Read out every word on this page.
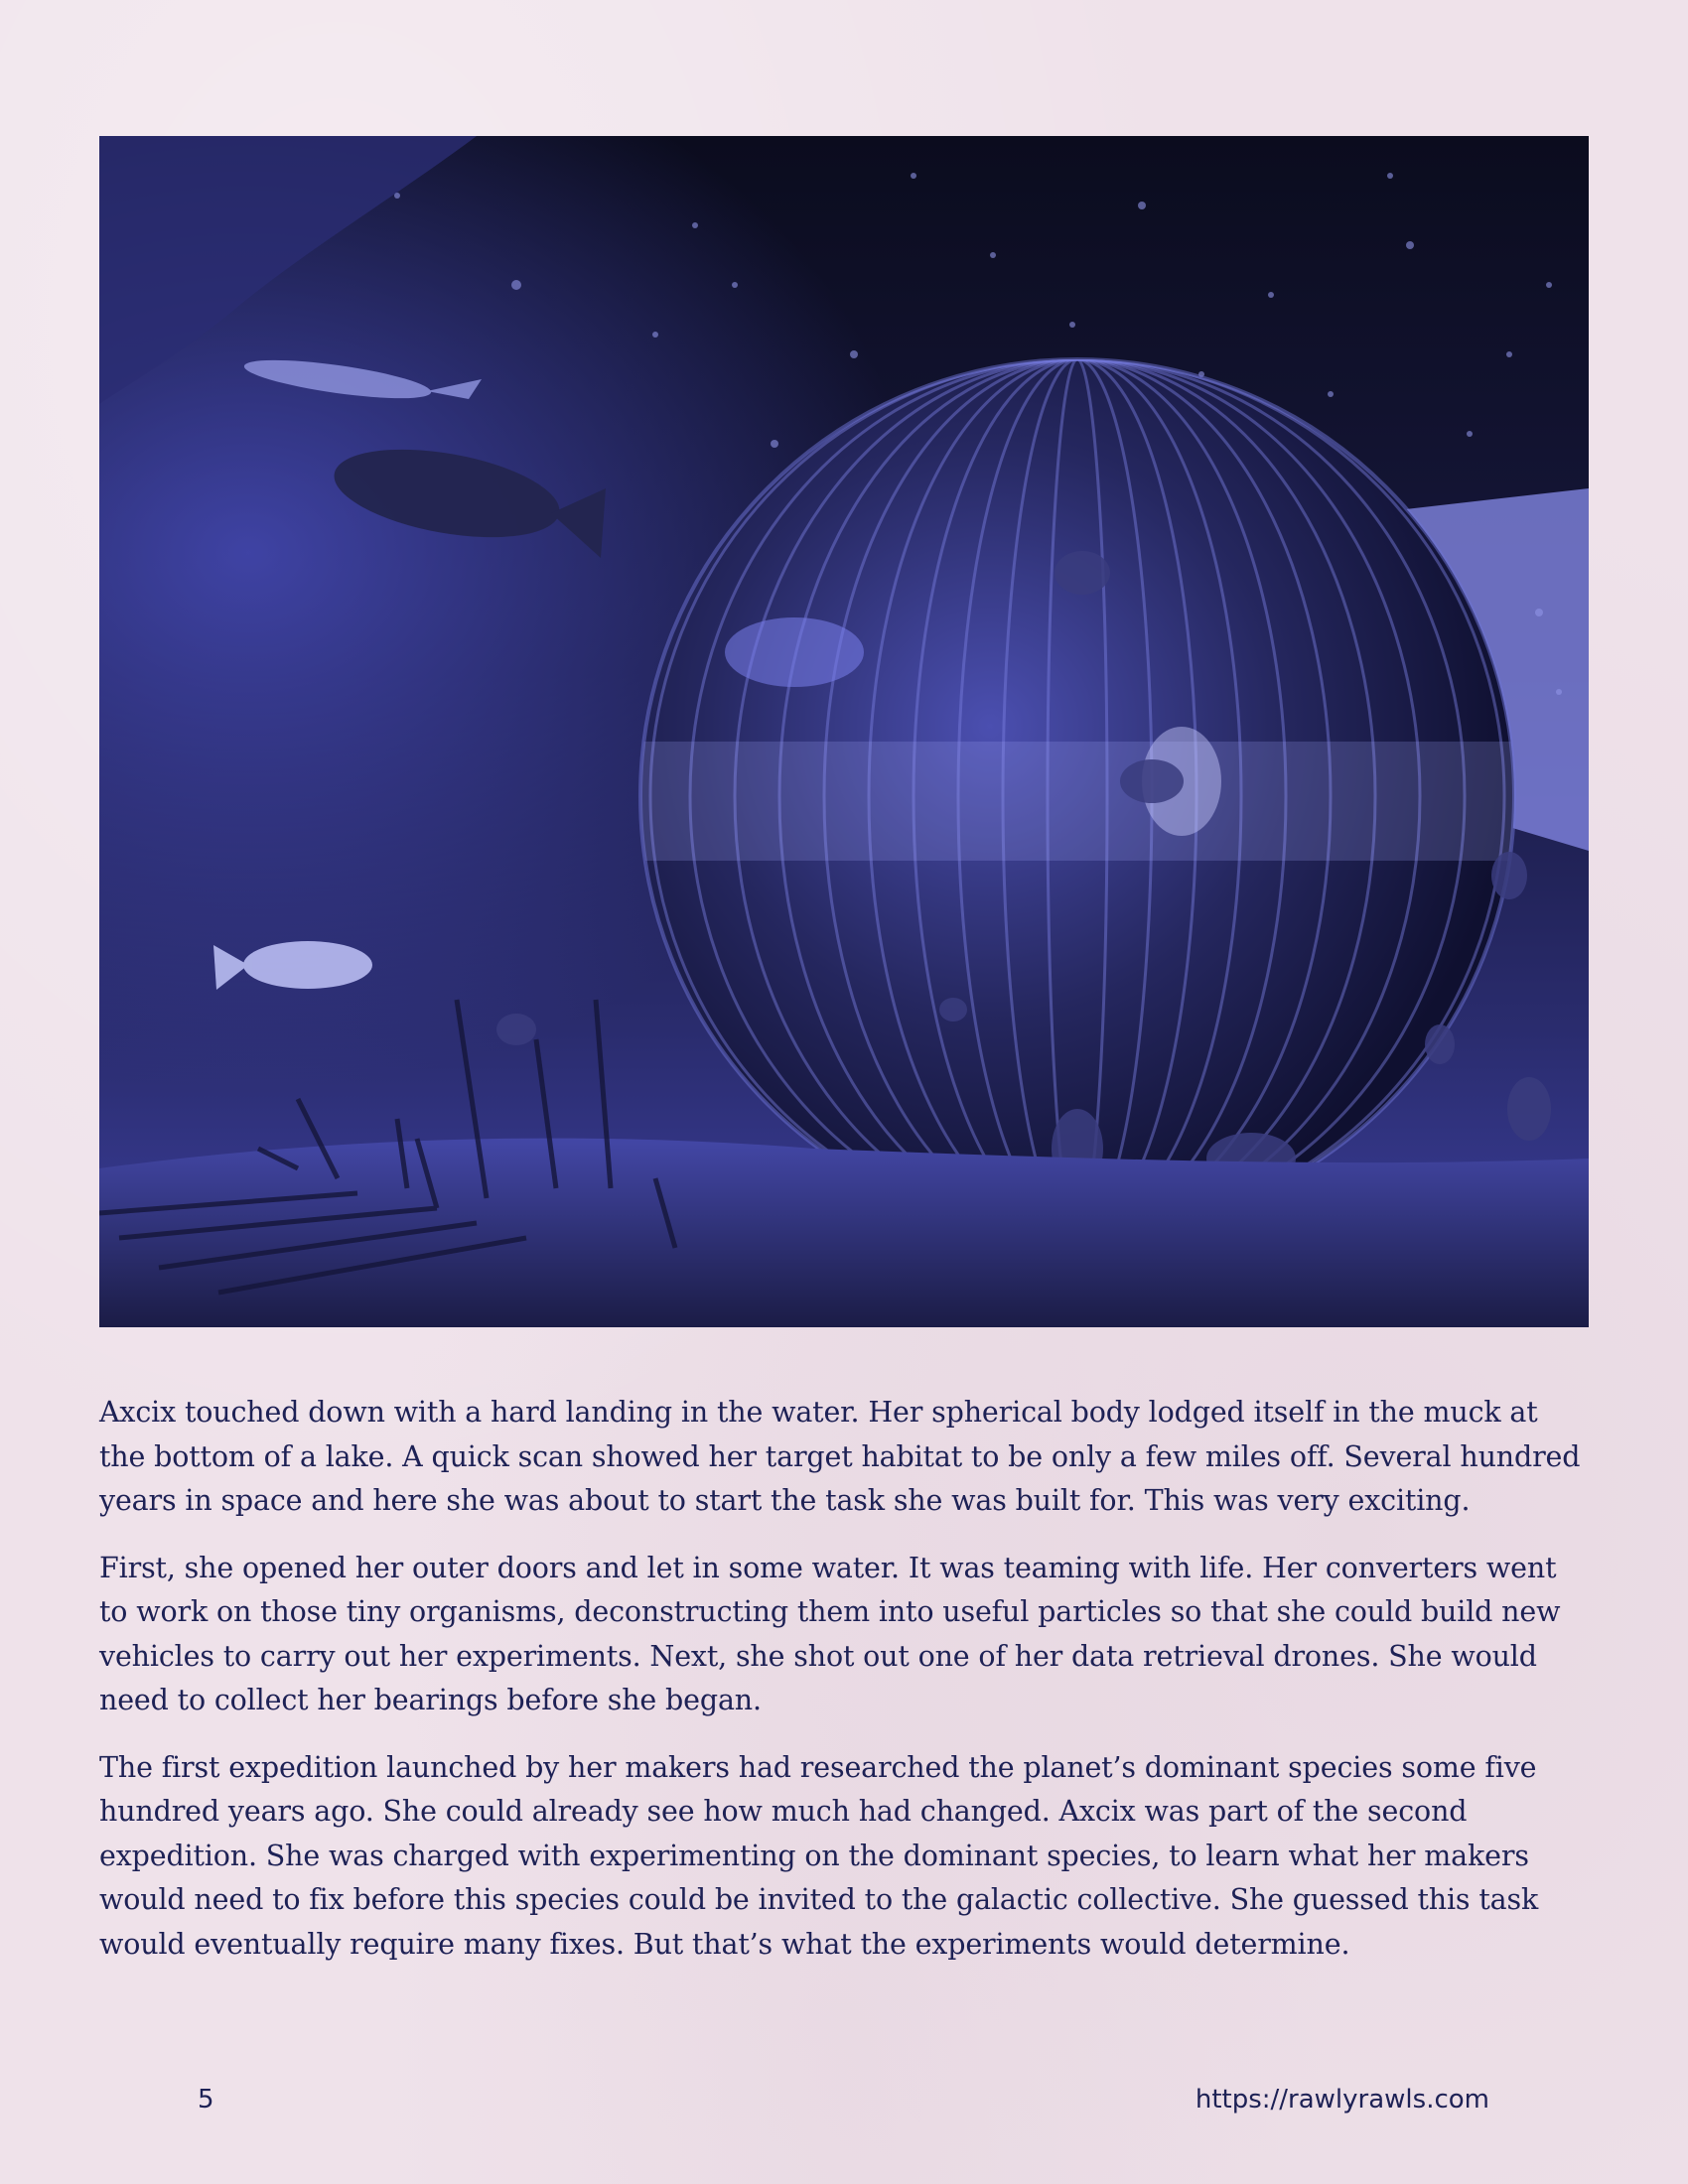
Axcix touched down with a hard landing in the water. Her spherical body lodged itself in the muck at the bottom of a lake. A quick scan showed her target habitat to be only a few miles off. Several hundred years in space and here she was about to start the task she was built for. This was very exciting.

First, she opened her outer doors and let in some water. It was teaming with life. Her converters went to work on those tiny organisms, deconstructing them into useful particles so that she could build new vehicles to carry out her experiments. Next, she shot out one of her data retrieval drones. She would need to collect her bearings before she began.

The first expedition launched by her makers had researched the planet’s dominant species some five hundred years ago. She could already see how much had changed. Axcix was part of the second expedition. She was charged with experimenting on the dominant species, to learn what her makers would need to fix before this species could be invited to the galactic collective. She guessed this task would eventually require many fixes. But that’s what the experiments would determine.

5	https://rawlyrawls.com
